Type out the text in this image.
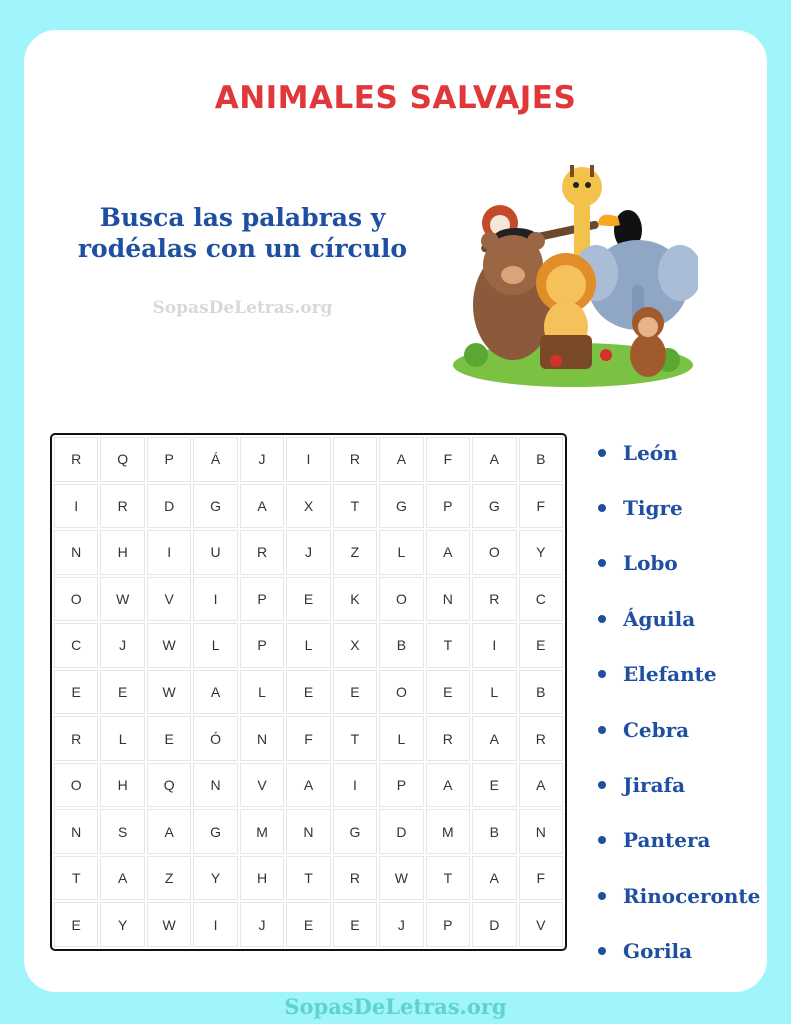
ANIMALES SALVAJES
Busca las palabras y rodéalas con un círculo
SopasDeLetras.org
R	Q	P	Á	J	I	R	A	F	A	B
I	R	D	G	A	X	T	G	P	G	F
N	H	I	U	R	J	Z	L	A	O	Y
O	W	V	I	P	E	K	O	N	R	C
C	J	W	L	P	L	X	B	T	I	E
E	E	W	A	L	E	E	O	E	L	B
R	L	E	Ó	N	F	T	L	R	A	R
O	H	Q	N	V	A	I	P	A	E	A
N	S	A	G	M	N	G	D	M	B	N
T	A	Z	Y	H	T	R	W	T	A	F
E	Y	W	I	J	E	E	J	P	D	V
León
Tigre
Lobo
Águila
Elefante
Cebra
Jirafa
Pantera
Rinoceronte
Gorila
SopasDeLetras.org
